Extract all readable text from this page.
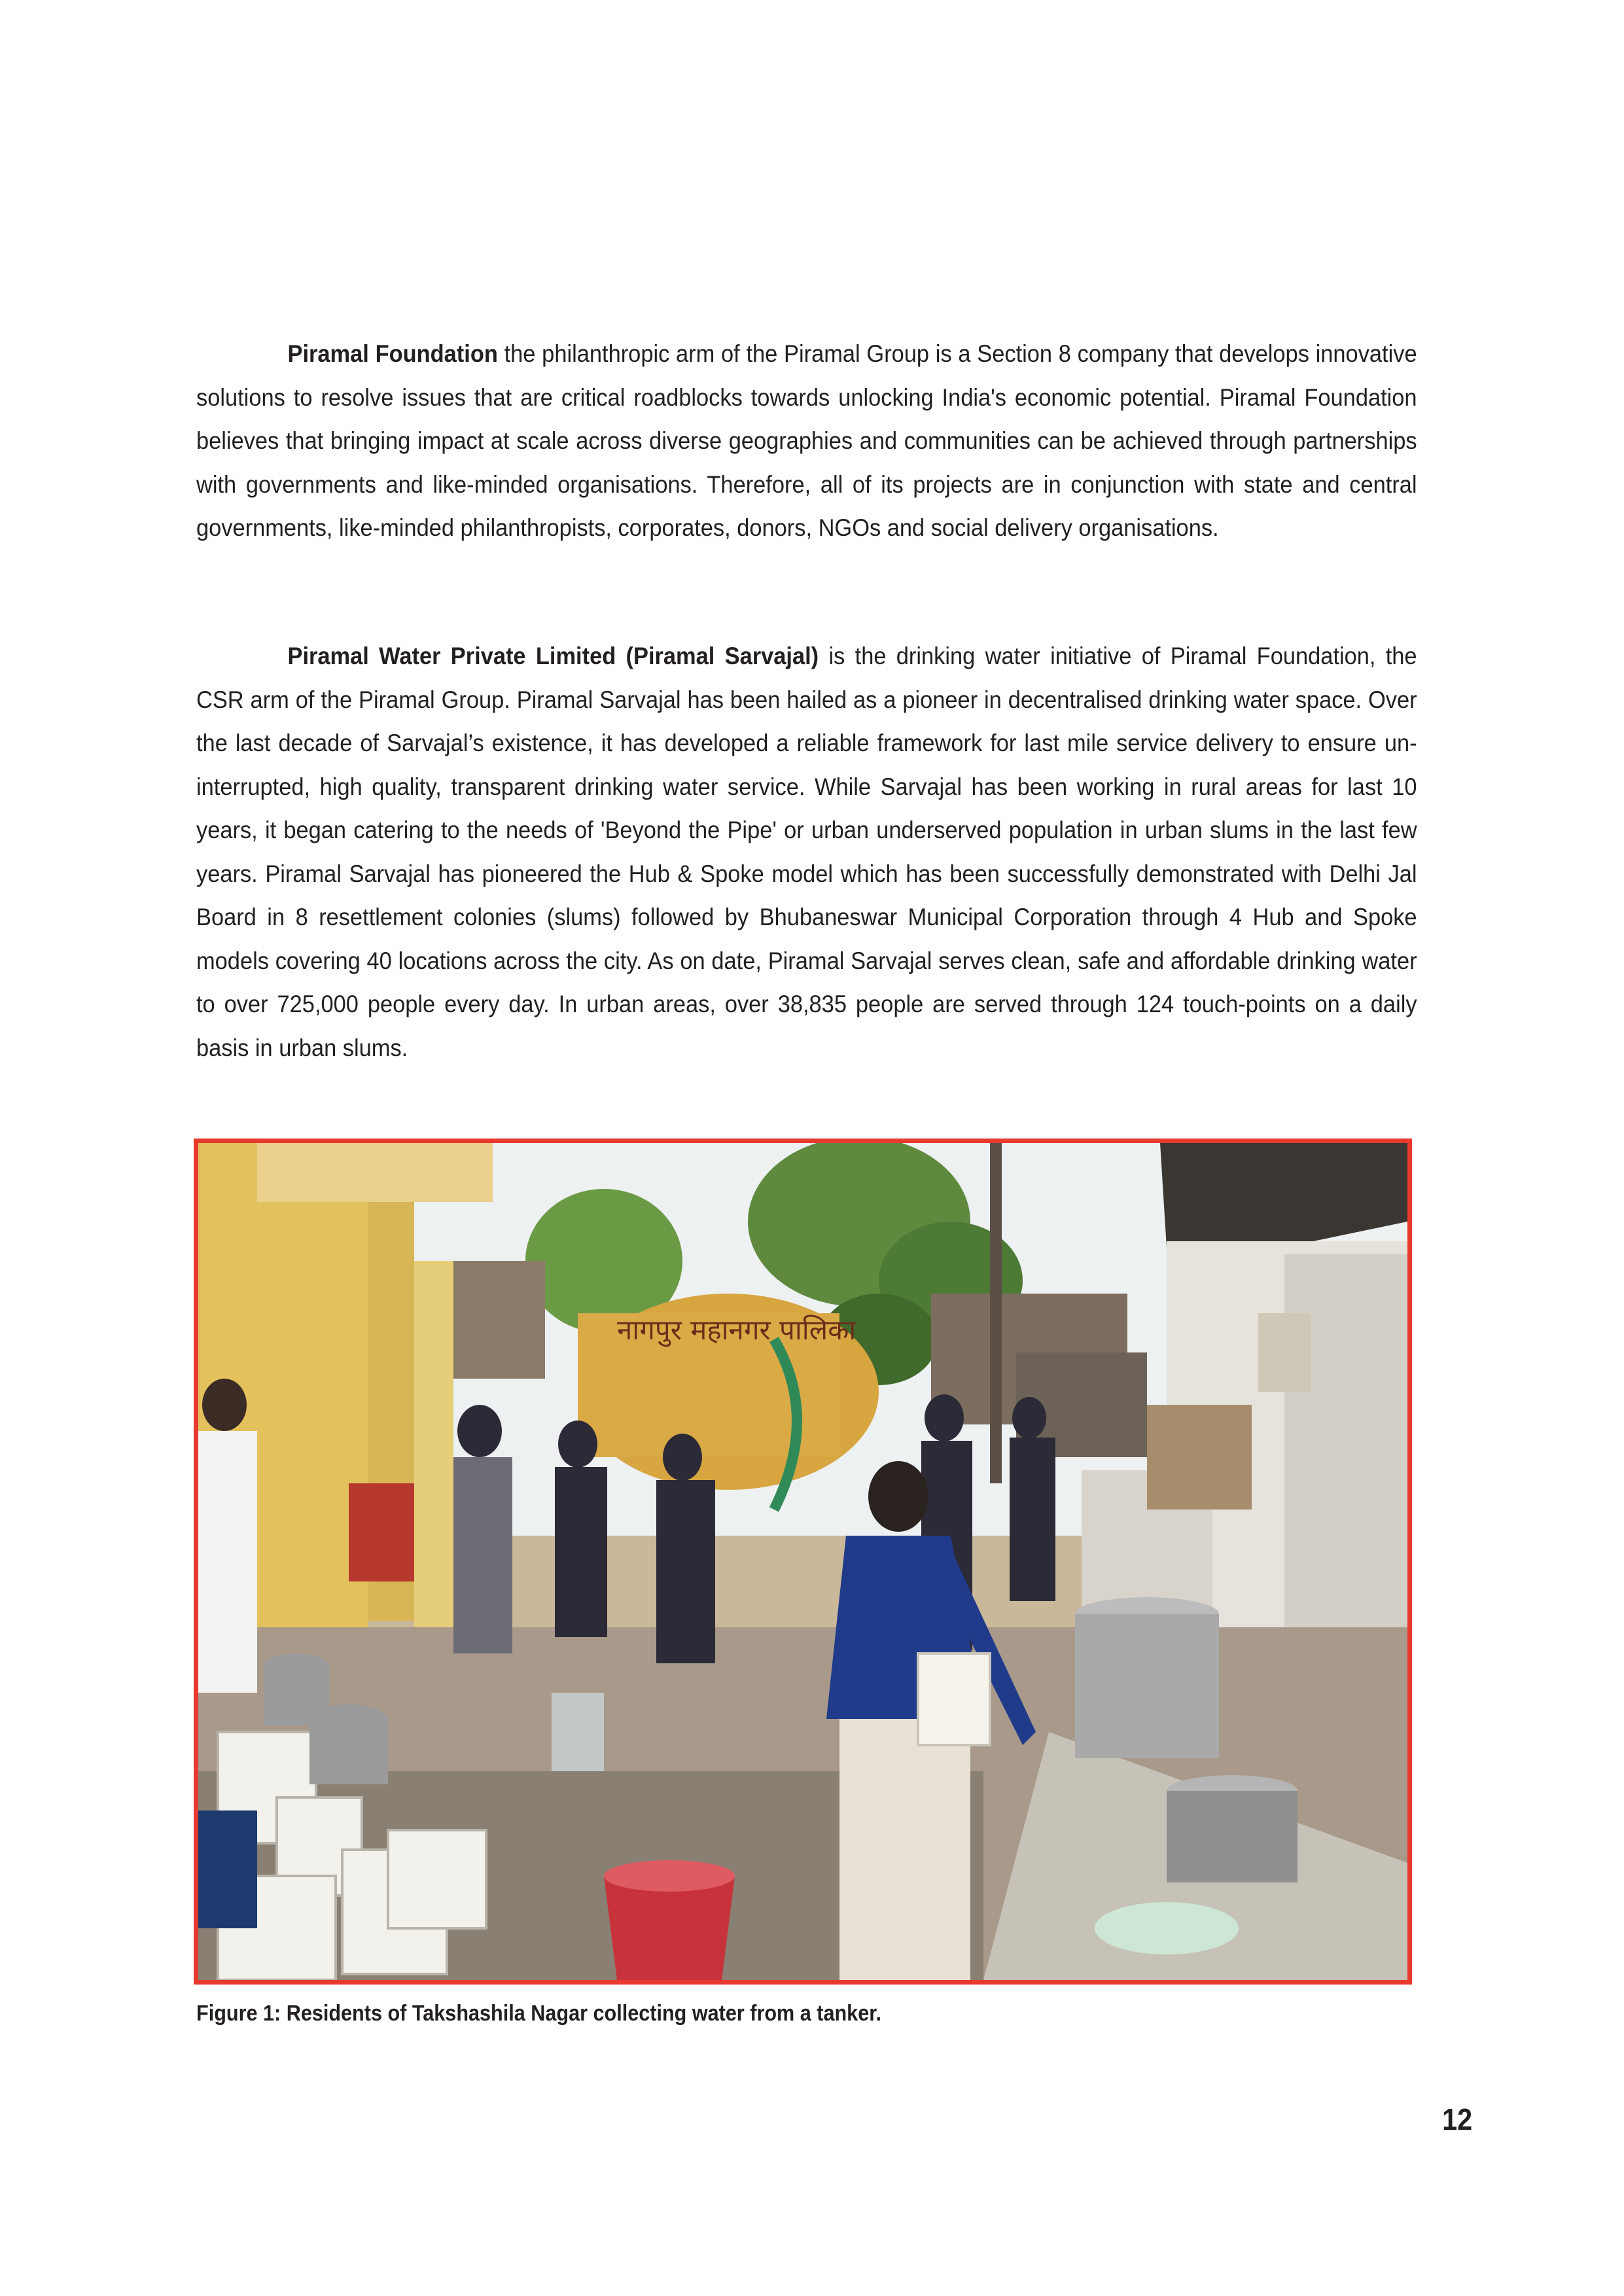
Piramal Foundation the philanthropic arm of the Piramal Group is a Section 8 company that develops innovative solutions to resolve issues that are critical roadblocks towards unlocking India's economic potential. Piramal Foundation believes that bringing impact at scale across diverse geographies and communities can be achieved through partnerships with governments and like-minded organisations. Therefore, all of its projects are in conjunction with state and central governments, like-minded philanthropists, corporates, donors, NGOs and social delivery organisations.

Piramal Water Private Limited (Piramal Sarvajal) is the drinking water initiative of Piramal Foundation, the CSR arm of the Piramal Group. Piramal Sarvajal has been hailed as a pioneer in decentralised drinking water space. Over the last decade of Sarvajal’s existence, it has developed a reliable framework for last mile service delivery to ensure un-interrupted, high quality, transparent drinking water service. While Sarvajal has been working in rural areas for last 10 years, it began catering to the needs of 'Beyond the Pipe' or urban underserved population in urban slums in the last few years. Piramal Sarvajal has pioneered the Hub & Spoke model which has been successfully demonstrated with Delhi Jal Board in 8 resettlement colonies (slums) followed by Bhubaneswar Municipal Corporation through 4 Hub and Spoke models covering 40 locations across the city. As on date, Piramal Sarvajal serves clean, safe and affordable drinking water to over 725,000 people every day. In urban areas, over 38,835 people are served through 124 touch-points on a daily basis in urban slums.

नागपुर महानगर पालिका

Figure 1: Residents of Takshashila Nagar collecting water from a tanker.

12
